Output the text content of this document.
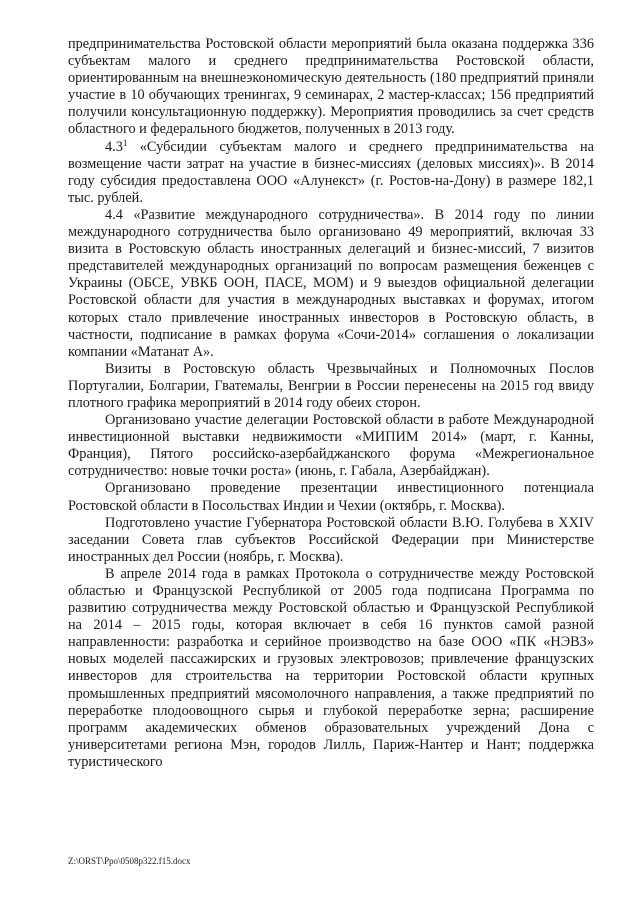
предпринимательства Ростовской области мероприятий была оказана поддержка 336 субъектам малого и среднего предпринимательства Ростовской области, ориентированным на внешнеэкономическую деятельность (180 предприятий приняли участие в 10 обучающих тренингах, 9 семинарах, 2 мастер-классах; 156 предприятий получили консультационную поддержку). Мероприятия проводились за счет средств областного и федерального бюджетов, полученных в 2013 году.

$4.3^1$ «Субсидии субъектам малого и среднего предпринимательства на возмещение части затрат на участие в бизнес-миссиях (деловых миссиях)». В 2014 году субсидия предоставлена ООО «Алунекст» (г. Ростов-на-Дону) в размере 182,1 тыс. рублей.

4.4 «Развитие международного сотрудничества». В 2014 году по линии международного сотрудничества было организовано 49 мероприятий, включая 33 визита в Ростовскую область иностранных делегаций и бизнес-миссий, 7 визитов представителей международных организаций по вопросам размещения беженцев с Украины (ОБСЕ, УВКБ ООН, ПАСЕ, МОМ) и 9 выездов официальной делегации Ростовской области для участия в международных выставках и форумах, итогом которых стало привлечение иностранных инвесторов в Ростовскую область, в частности, подписание в рамках форума «Сочи-2014» соглашения о локализации компании «Матанат А».

Визиты в Ростовскую область Чрезвычайных и Полномочных Послов Португалии, Болгарии, Гватемалы, Венгрии в России перенесены на 2015 год ввиду плотного графика мероприятий в 2014 году обеих сторон.

Организовано участие делегации Ростовской области в работе Международной инвестиционной выставки недвижимости «МИПИМ 2014» (март, г. Канны, Франция), Пятого российско-азербайджанского форума «Межрегиональное сотрудничество: новые точки роста» (июнь, г. Габала, Азербайджан).

Организовано проведение презентации инвестиционного потенциала Ростовской области в Посольствах Индии и Чехии (октябрь, г. Москва).

Подготовлено участие Губернатора Ростовской области В.Ю. Голубева в XXIV заседании Совета глав субъектов Российской Федерации при Министерстве иностранных дел России (ноябрь, г. Москва).

В апреле 2014 года в рамках Протокола о сотрудничестве между Ростовской областью и Французской Республикой от 2005 года подписана Программа по развитию сотрудничества между Ростовской областью и Французской Республикой на 2014 – 2015 годы, которая включает в себя 16 пунктов самой разной направленности: разработка и серийное производство на базе ООО «ПК «НЭВЗ» новых моделей пассажирских и грузовых электровозов; привлечение французских инвесторов для строительства на территории Ростовской области крупных промышленных предприятий мясомолочного направления, а также предприятий по переработке плодоовощного сырья и глубокой переработке зерна; расширение программ академических обменов образовательных учреждений Дона с университетами региона Мэн, городов Лилль, Париж-Нантер и Нант; поддержка туристического

Z:\ORST\Ppo\0508p322.f15.docx
